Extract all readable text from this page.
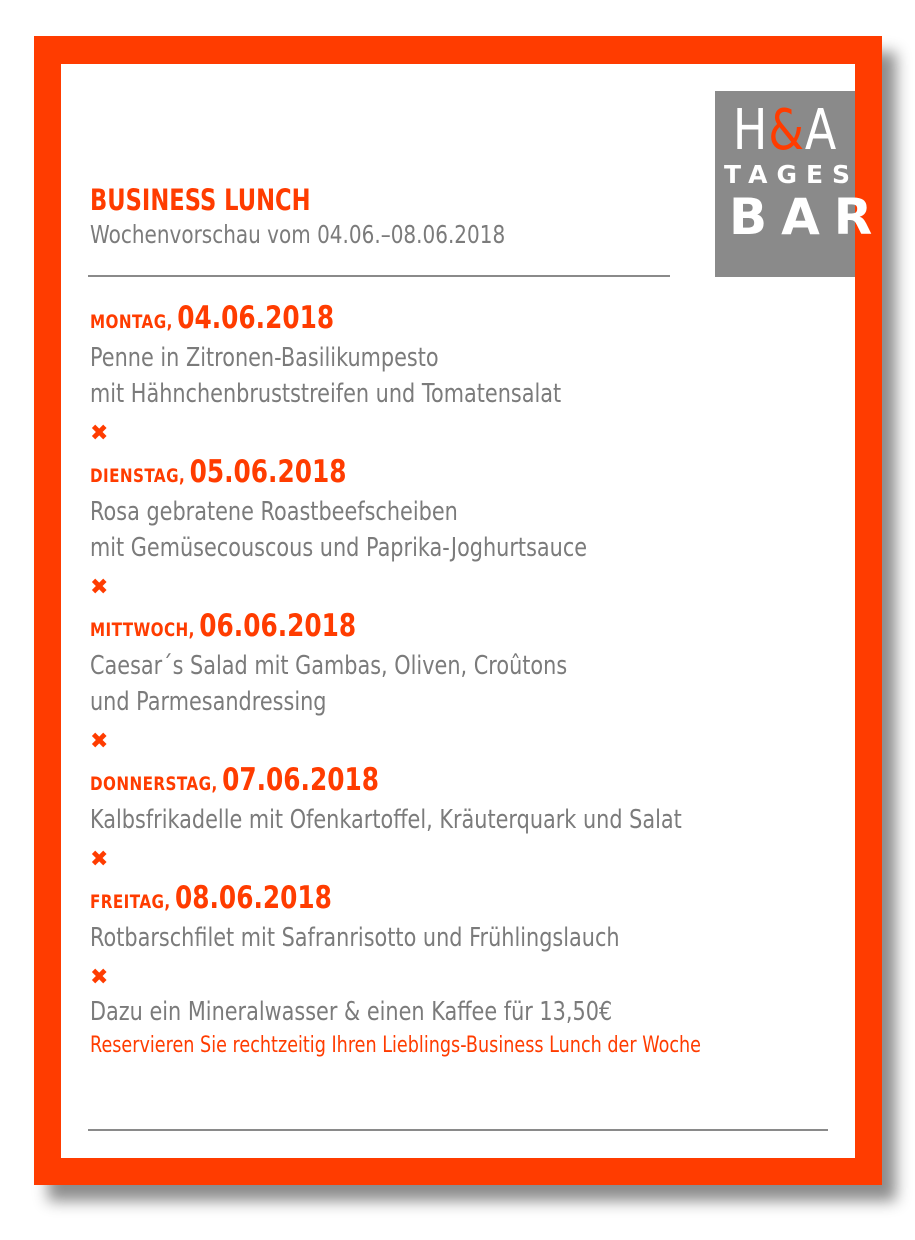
H&A
TAGES
BAR
BUSINESS LUNCH
Wochenvorschau vom 04.06.–08.06.2018
MONTAG, 04.06.2018
Penne in Zitronen-Basilikumpesto
mit Hähnchenbruststreifen und Tomatensalat
✖
DIENSTAG, 05.06.2018
Rosa gebratene Roastbeefscheiben
mit Gemüsecouscous und Paprika-Joghurtsauce
✖
MITTWOCH, 06.06.2018
Caesar´s Salad mit Gambas, Oliven, Croûtons
und Parmesandressing
✖
DONNERSTAG, 07.06.2018
Kalbsfrikadelle mit Ofenkartoffel, Kräuterquark und Salat
✖
FREITAG, 08.06.2018
Rotbarschfilet mit Safranrisotto und Frühlingslauch
✖
Dazu ein Mineralwasser & einen Kaffee für 13,50€
Reservieren Sie rechtzeitig Ihren Lieblings-Business Lunch der Woche
